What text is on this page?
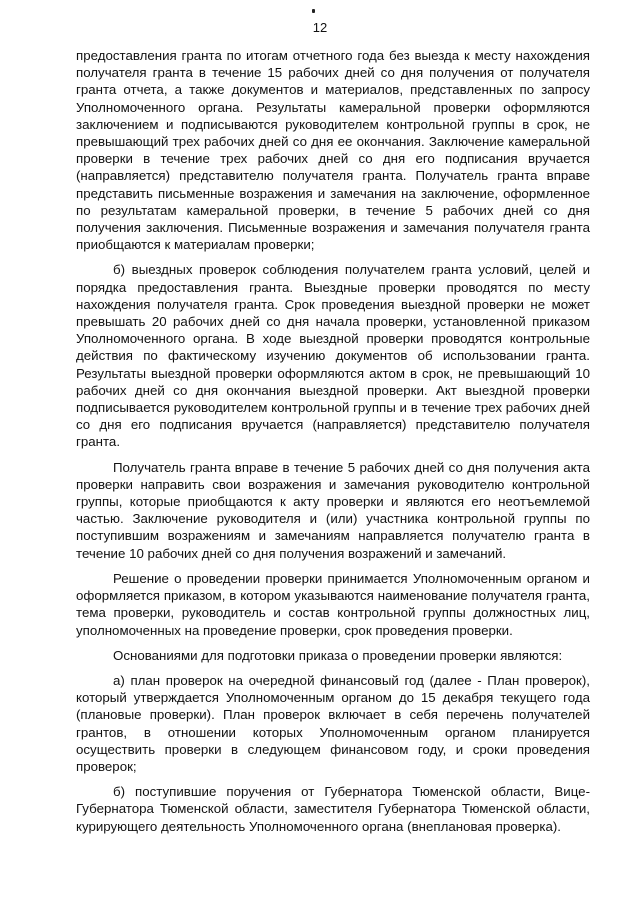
12

предоставления гранта по итогам отчетного года без выезда к месту нахождения получателя гранта в течение 15 рабочих дней со дня получения от получателя гранта отчета, а также документов и материалов, представленных по запросу Уполномоченного органа. Результаты камеральной проверки оформляются заключением и подписываются руководителем контрольной группы в срок, не превышающий трех рабочих дней со дня ее окончания. Заключение камеральной проверки в течение трех рабочих дней со дня его подписания вручается (направляется) представителю получателя гранта. Получатель гранта вправе представить письменные возражения и замечания на заключение, оформленное по результатам камеральной проверки, в течение 5 рабочих дней со дня получения заключения. Письменные возражения и замечания получателя гранта приобщаются к материалам проверки;

б) выездных проверок соблюдения получателем гранта условий, целей и порядка предоставления гранта. Выездные проверки проводятся по месту нахождения получателя гранта. Срок проведения выездной проверки не может превышать 20 рабочих дней со дня начала проверки, установленной приказом Уполномоченного органа. В ходе выездной проверки проводятся контрольные действия по фактическому изучению документов об использовании гранта. Результаты выездной проверки оформляются актом в срок, не превышающий 10 рабочих дней со дня окончания выездной проверки. Акт выездной проверки подписывается руководителем контрольной группы и в течение трех рабочих дней со дня его подписания вручается (направляется) представителю получателя гранта.

Получатель гранта вправе в течение 5 рабочих дней со дня получения акта проверки направить свои возражения и замечания руководителю контрольной группы, которые приобщаются к акту проверки и являются его неотъемлемой частью. Заключение руководителя и (или) участника контрольной группы по поступившим возражениям и замечаниям направляется получателю гранта в течение 10 рабочих дней со дня получения возражений и замечаний.

Решение о проведении проверки принимается Уполномоченным органом и оформляется приказом, в котором указываются наименование получателя гранта, тема проверки, руководитель и состав контрольной группы должностных лиц, уполномоченных на проведение проверки, срок проведения проверки.

Основаниями для подготовки приказа о проведении проверки являются:

а) план проверок на очередной финансовый год (далее - План проверок), который утверждается Уполномоченным органом до 15 декабря текущего года (плановые проверки). План проверок включает в себя перечень получателей грантов, в отношении которых Уполномоченным органом планируется осуществить проверки в следующем финансовом году, и сроки проведения проверок;

б) поступившие поручения от Губернатора Тюменской области, Вице-Губернатора Тюменской области, заместителя Губернатора Тюменской области, курирующего деятельность Уполномоченного органа (внеплановая проверка).
